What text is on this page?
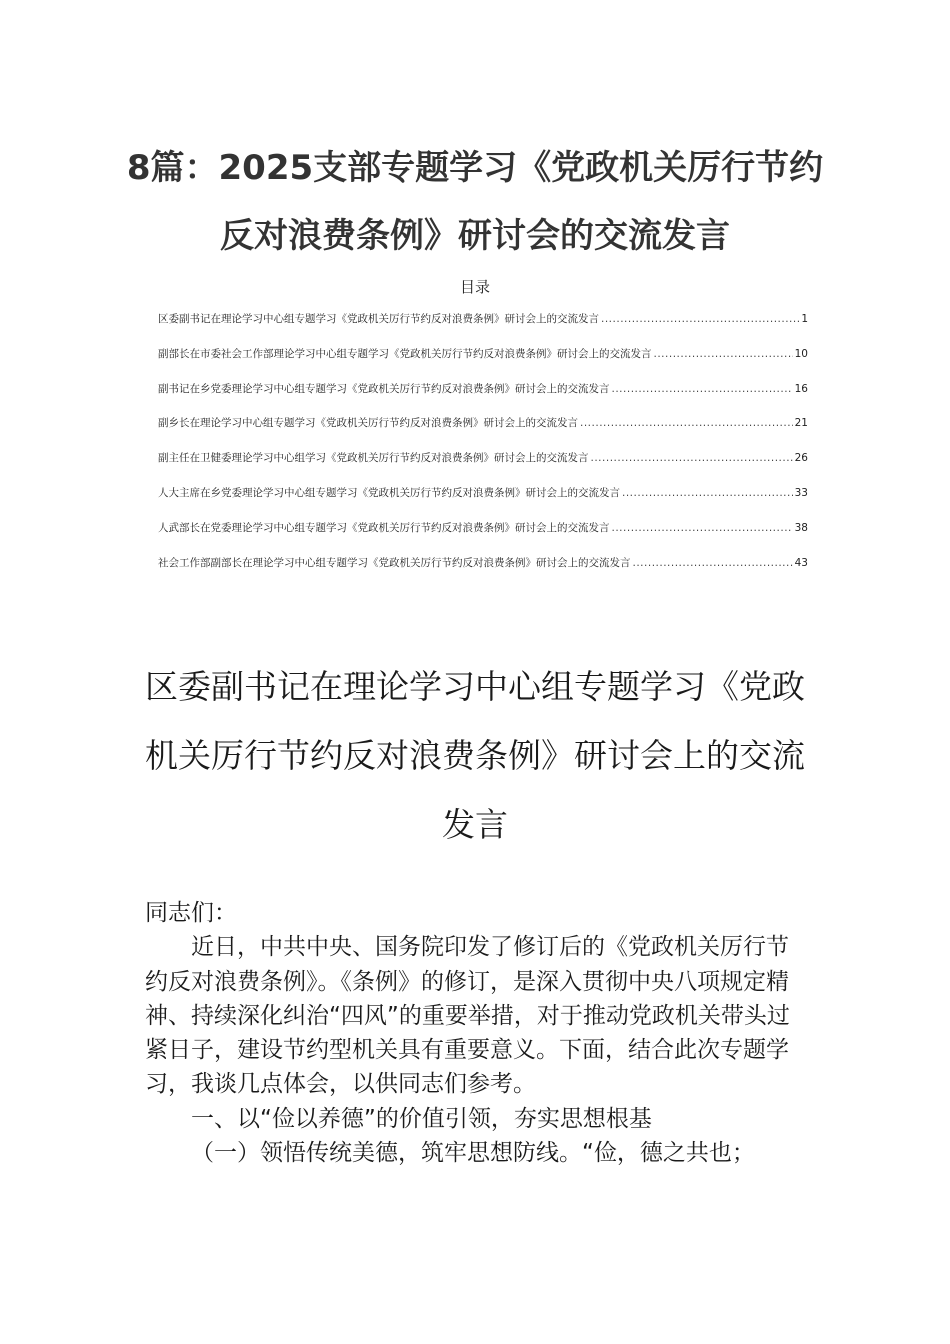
8篇：2025支部专题学习《党政机关厉行节约反对浪费条例》研讨会的交流发言
目录
区委副书记在理论学习中心组专题学习《党政机关厉行节约反对浪费条例》研讨会上的交流发言 .....	1
副部长在市委社会工作部理论学习中心组专题学习《党政机关厉行节约反对浪费条例》研讨会上的交流发言 .....	10
副书记在乡党委理论学习中心组专题学习《党政机关厉行节约反对浪费条例》研讨会上的交流发言 .....	16
副乡长在理论学习中心组专题学习《党政机关厉行节约反对浪费条例》研讨会上的交流发言 .....	21
副主任在卫健委理论学习中心组学习《党政机关厉行节约反对浪费条例》研讨会上的交流发言 .....	26
人大主席在乡党委理论学习中心组专题学习《党政机关厉行节约反对浪费条例》研讨会上的交流发言 .....	33
人武部长在党委理论学习中心组专题学习《党政机关厉行节约反对浪费条例》研讨会上的交流发言 .....	38
社会工作部副部长在理论学习中心组专题学习《党政机关厉行节约反对浪费条例》研讨会上的交流发言 .....	43
区委副书记在理论学习中心组专题学习《党政机关厉行节约反对浪费条例》研讨会上的交流发言

同志们：

近日，中共中央、国务院印发了修订后的《党政机关厉行节约反对浪费条例》。《条例》的修订，是深入贯彻中央八项规定精神、持续深化纠治“四风”的重要举措，对于推动党政机关带头过紧日子，建设节约型机关具有重要意义。下面，结合此次专题学习，我谈几点体会，以供同志们参考。

一、以“俭以养德”的价值引领，夯实思想根基

（一）领悟传统美德，筑牢思想防线。“俭，德之共也；
